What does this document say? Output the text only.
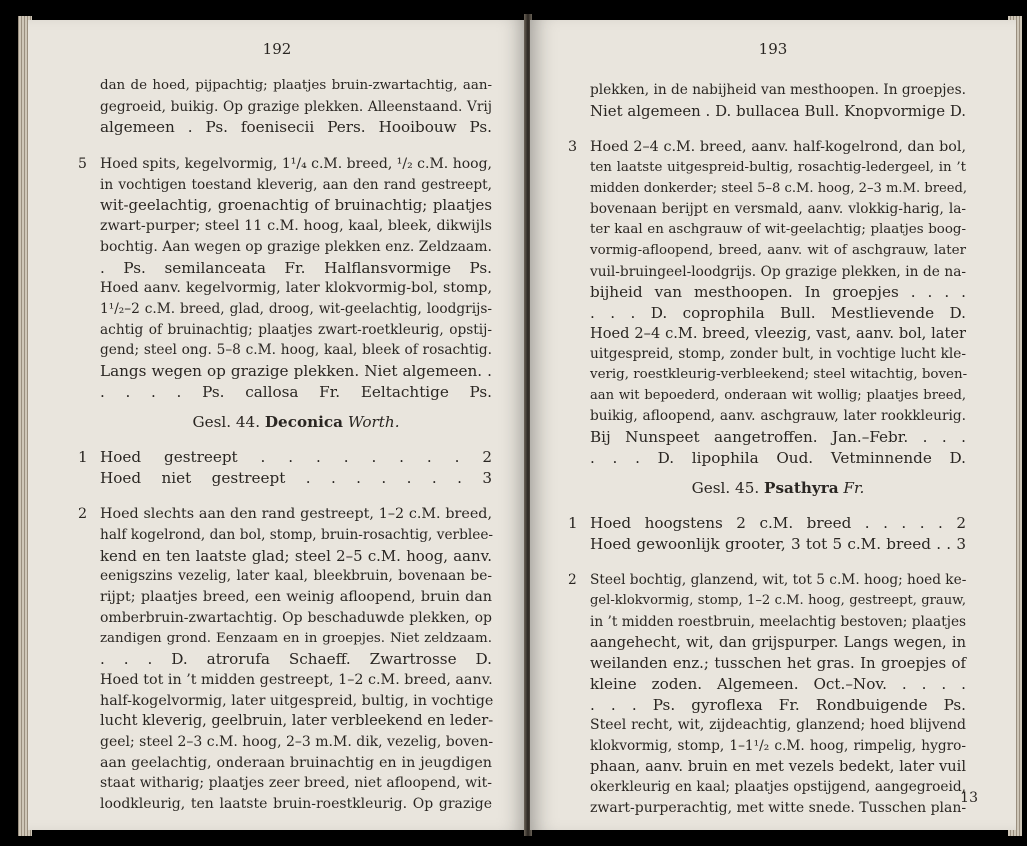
192
dan de hoed, pijpachtig; plaatjes bruin-zwartachtig, aan-
gegroeid, buikig. Op grazige plekken. Alleenstaand. Vrij
algemeen . Ps. foenisecii Pers. Hooibouw Ps.
5 Hoed spits, kegelvormig, 1¹/₄ c.M. breed, ¹/₂ c.M. hoog,
in vochtigen toestand kleverig, aan den rand gestreept,
wit-geelachtig, groenachtig of bruinachtig; plaatjes
zwart-purper; steel 11 c.M. hoog, kaal, bleek, dikwijls
bochtig. Aan wegen op grazige plekken enz. Zeldzaam.
. Ps. semilanceata Fr. Halflansvormige Ps.
Hoed aanv. kegelvormig, later klokvormig-bol, stomp,
1¹/₂–2 c.M. breed, glad, droog, wit-geelachtig, loodgrijs-
achtig of bruinachtig; plaatjes zwart-roetkleurig, opstij-
gend; steel ong. 5–8 c.M. hoog, kaal, bleek of rosachtig.
Langs wegen op grazige plekken. Niet algemeen. .
. . . . Ps. callosa Fr. Eeltachtige Ps.
Gesl. 44. Deconica Worth.
1 Hoed gestreept . . . . . . . . 2
Hoed niet gestreept . . . . . . . 3
2 Hoed slechts aan den rand gestreept, 1–2 c.M. breed,
half kogelrond, dan bol, stomp, bruin-rosachtig, verblee-
kend en ten laatste glad; steel 2–5 c.M. hoog, aanv.
eenigszins vezelig, later kaal, bleekbruin, bovenaan be-
rijpt; plaatjes breed, een weinig afloopend, bruin dan
omberbruin-zwartachtig. Op beschaduwde plekken, op
zandigen grond. Eenzaam en in groepjes. Niet zeldzaam.
. . . D. atrorufa Schaeff. Zwartrosse D.
Hoed tot in ’t midden gestreept, 1–2 c.M. breed, aanv.
half-kogelvormig, later uitgespreid, bultig, in vochtige
lucht kleverig, geelbruin, later verbleekend en leder-
geel; steel 2–3 c.M. hoog, 2–3 m.M. dik, vezelig, boven-
aan geelachtig, onderaan bruinachtig en in jeugdigen
staat witharig; plaatjes zeer breed, niet afloopend, wit-
loodkleurig, ten laatste bruin-roestkleurig. Op grazige
193
plekken, in de nabijheid van mesthoopen. In groepjes.
Niet algemeen . D. bullacea Bull. Knopvormige D.
3 Hoed 2–4 c.M. breed, aanv. half-kogelrond, dan bol,
ten laatste uitgespreid-bultig, rosachtig-ledergeel, in ’t
midden donkerder; steel 5–8 c.M. hoog, 2–3 m.M. breed,
bovenaan berijpt en versmald, aanv. vlokkig-harig, la-
ter kaal en aschgrauw of wit-geelachtig; plaatjes boog-
vormig-afloopend, breed, aanv. wit of aschgrauw, later
vuil-bruingeel-loodgrijs. Op grazige plekken, in de na-
bijheid van mesthoopen. In groepjes . . . .
. . . D. coprophila Bull. Mestlievende D.
Hoed 2–4 c.M. breed, vleezig, vast, aanv. bol, later
uitgespreid, stomp, zonder bult, in vochtige lucht kle-
verig, roestkleurig-verbleekend; steel witachtig, boven-
aan wit bepoederd, onderaan wit wollig; plaatjes breed,
buikig, afloopend, aanv. aschgrauw, later rookkleurig.
Bij Nunspeet aangetroffen. Jan.–Febr. . . .
. . . D. lipophila Oud. Vetminnende D.
Gesl. 45. Psathyra Fr.
1 Hoed hoogstens 2 c.M. breed . . . . . 2
Hoed gewoonlijk grooter, 3 tot 5 c.M. breed . . 3
2 Steel bochtig, glanzend, wit, tot 5 c.M. hoog; hoed ke-
gel-klokvormig, stomp, 1–2 c.M. hoog, gestreept, grauw,
in ’t midden roestbruin, meelachtig bestoven; plaatjes
aangehecht, wit, dan grijspurper. Langs wegen, in
weilanden enz.; tusschen het gras. In groepjes of
kleine zoden. Algemeen. Oct.–Nov. . . . .
. . . Ps. gyroflexa Fr. Rondbuigende Ps.
Steel recht, wit, zijdeachtig, glanzend; hoed blijvend
klokvormig, stomp, 1–1¹/₂ c.M. hoog, rimpelig, hygro-
phaan, aanv. bruin en met vezels bedekt, later vuil
okerkleurig en kaal; plaatjes opstijgend, aangegroeid,
zwart-purperachtig, met witte snede. Tusschen plan-
13
